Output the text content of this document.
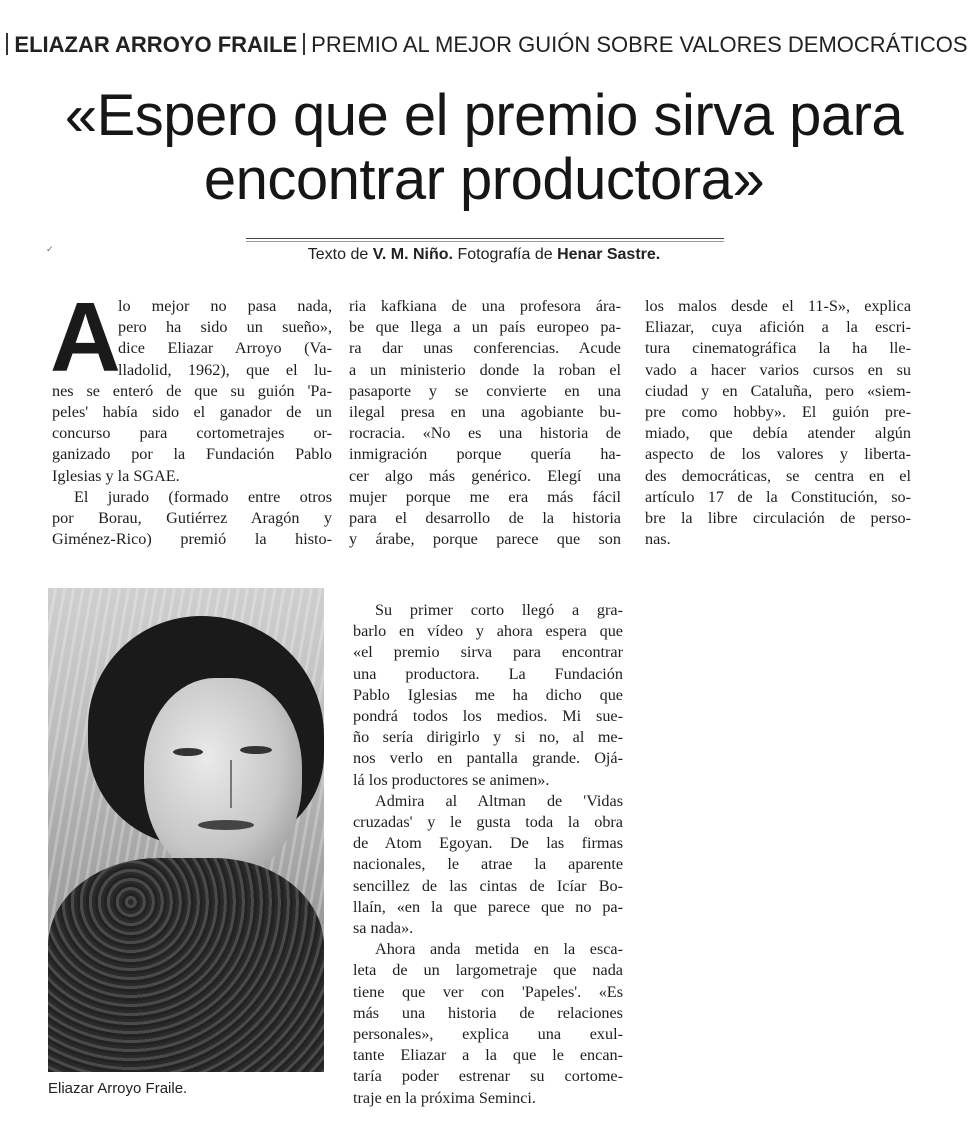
ELIAZAR ARROYO FRAILE PREMIO AL MEJOR GUIÓN SOBRE VALORES DEMOCRÁTICOS
«Espero que el premio sirva para
encontrar productora»
✓	Texto de V. M. Niño. Fotografía de Henar Sastre.
A
lo mejor no pasa nada,
pero ha sido un sueño»,
dice Eliazar Arroyo (Va-
lladolid, 1962), que el lu-
nes se enteró de que su guión 'Pa-
peles' había sido el ganador de un
concurso para cortometrajes or-
ganizado por la Fundación Pablo
Iglesias y la SGAE.
El jurado (formado entre otros
por Borau, Gutiérrez Aragón y
Giménez-Rico) premió la histo-
ria kafkiana de una profesora ára-
be que llega a un país europeo pa-
ra dar unas conferencias. Acude
a un ministerio donde la roban el
pasaporte y se convierte en una
ilegal presa en una agobiante bu-
rocracia. «No es una historia de
inmigración porque quería ha-
cer algo más genérico. Elegí una
mujer porque me era más fácil
para el desarrollo de la historia
y árabe, porque parece que son
los malos desde el 11-S», explica
Eliazar, cuya afición a la escri-
tura cinematográfica la ha lle-
vado a hacer varios cursos en su
ciudad y en Cataluña, pero «siem-
pre como hobby». El guión pre-
miado, que debía atender algún
aspecto de los valores y liberta-
des democráticas, se centra en el
artículo 17 de la Constitución, so-
bre la libre circulación de perso-
nas.
Eliazar Arroyo Fraile.
Su primer corto llegó a gra-
barlo en vídeo y ahora espera que
«el premio sirva para encontrar
una productora. La Fundación
Pablo Iglesias me ha dicho que
pondrá todos los medios. Mi sue-
ño sería dirigirlo y si no, al me-
nos verlo en pantalla grande. Ojá-
lá los productores se animen».
Admira al Altman de 'Vidas
cruzadas' y le gusta toda la obra
de Atom Egoyan. De las firmas
nacionales, le atrae la aparente
sencillez de las cintas de Icíar Bo-
llaín, «en la que parece que no pa-
sa nada».
Ahora anda metida en la esca-
leta de un largometraje que nada
tiene que ver con 'Papeles'. «Es
más una historia de relaciones
personales», explica una exul-
tante Eliazar a la que le encan-
taría poder estrenar su cortome-
traje en la próxima Seminci.
